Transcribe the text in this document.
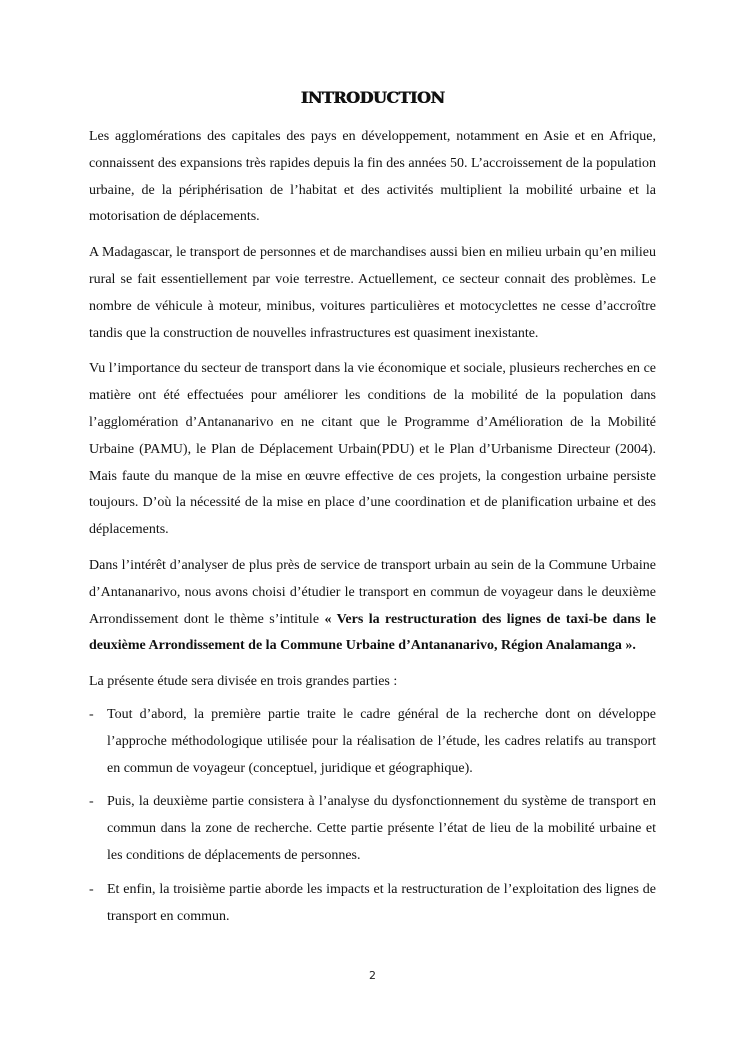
INTRODUCTION

Les agglomérations des capitales des pays en développement, notamment en Asie et en Afrique, connaissent des expansions très rapides depuis la fin des années 50. L’accroissement de la population urbaine, de la périphérisation de l’habitat et des activités multiplient la mobilité urbaine et la motorisation de déplacements.

A Madagascar, le transport de personnes et de marchandises aussi bien en milieu urbain qu’en milieu rural se fait essentiellement par voie terrestre. Actuellement, ce secteur connait des problèmes. Le nombre de véhicule à moteur, minibus, voitures particulières et motocyclettes ne cesse d’accroître tandis que la construction de nouvelles infrastructures est quasiment inexistante.

Vu l’importance du secteur de transport dans la vie économique et sociale, plusieurs recherches en ce matière ont été effectuées pour améliorer les conditions de la mobilité de la population dans l’agglomération d’Antananarivo en ne citant que le Programme d’Amélioration de la Mobilité Urbaine (PAMU), le Plan de Déplacement Urbain(PDU) et le Plan d’Urbanisme Directeur (2004). Mais faute du manque de la mise en œuvre effective de ces projets, la congestion urbaine persiste toujours. D’où la nécessité de la mise en place d’une coordination et de planification urbaine et des déplacements.

Dans l’intérêt d’analyser de plus près de service de transport urbain au sein de la Commune Urbaine d’Antananarivo, nous avons choisi d’étudier le transport en commun de voyageur dans le deuxième Arrondissement dont le thème s’intitule « Vers la restructuration des lignes de taxi-be dans le deuxième Arrondissement de la Commune Urbaine d’Antananarivo, Région Analamanga ».

La présente étude sera divisée en trois grandes parties :

- Tout d’abord, la première partie traite le cadre général de la recherche dont on développe l’approche méthodologique utilisée pour la réalisation de l’étude, les cadres relatifs au transport en commun de voyageur (conceptuel, juridique et géographique).
- Puis, la deuxième partie consistera à l’analyse du dysfonctionnement du système de transport en commun dans la zone de recherche. Cette partie présente l’état de lieu de la mobilité urbaine et les conditions de déplacements de personnes.
- Et enfin, la troisième partie aborde les impacts et la restructuration de l’exploitation des lignes de transport en commun.
2
